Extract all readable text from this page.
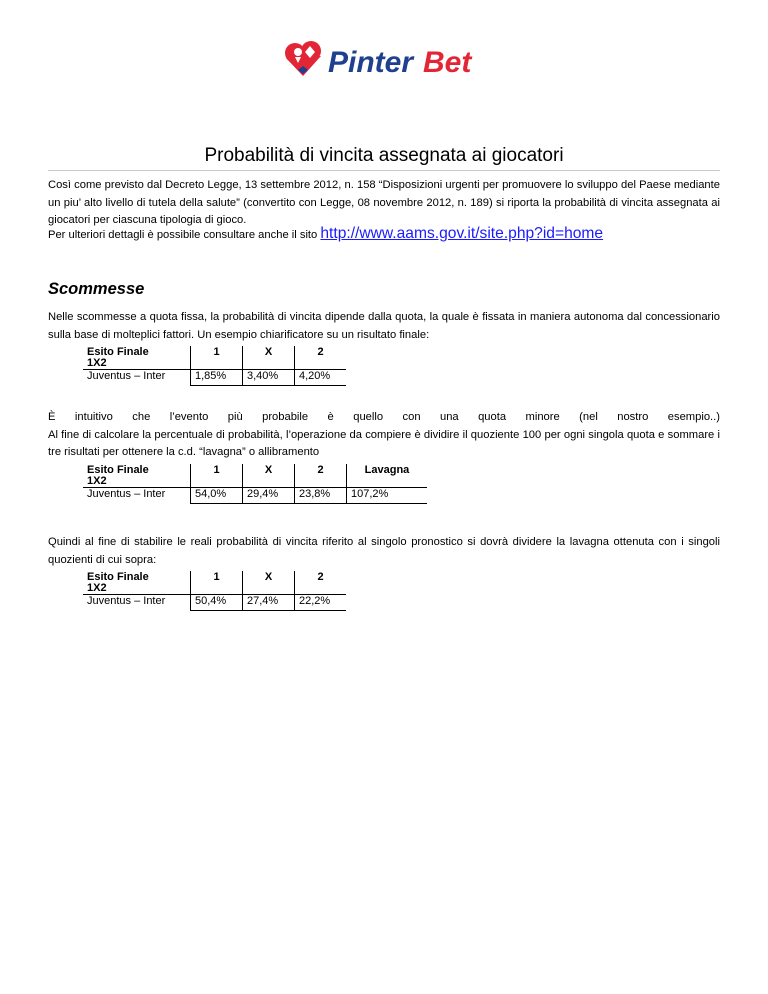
Pinter Bet
Probabilità di vincita assegnata ai giocatori
Così come previsto dal Decreto Legge, 13 settembre 2012, n. 158 “Disposizioni urgenti per promuovere lo sviluppo del Paese mediante un piu’ alto livello di tutela della salute” (convertito con Legge, 08 novembre 2012, n. 189) si riporta la probabilità di vincita assegnata ai giocatori per ciascuna tipologia di gioco.
Per ulteriori dettagli è possibile consultare anche il sito http://www.aams.gov.it/site.php?id=home
Scommesse
Nelle scommesse a quota fissa, la probabilità di vincita dipende dalla quota, la quale è fissata in maniera autonoma dal concessionario sulla base di molteplici fattori. Un esempio chiarificatore su un risultato finale:
Esito Finale
1X2	1	X	2
Juventus – Inter	1,85%	3,40%	4,20%
È intuitivo che l’evento più probabile è quello con una quota minore (nel nostro esempio..)
Al fine di calcolare la percentuale di probabilità, l’operazione da compiere è dividire il quoziente 100 per ogni singola quota e sommare i tre risultati per ottenere la c.d. “lavagna” o allibramento
Esito Finale
1X2	1	X	2	Lavagna
Juventus – Inter	54,0%	29,4%	23,8%	107,2%
Quindi al fine di stabilire le reali probabilità di vincita riferito al singolo pronostico si dovrà dividere la lavagna ottenuta con i singoli quozienti di cui sopra:
Esito Finale
1X2	1	X	2
Juventus – Inter	50,4%	27,4%	22,2%
